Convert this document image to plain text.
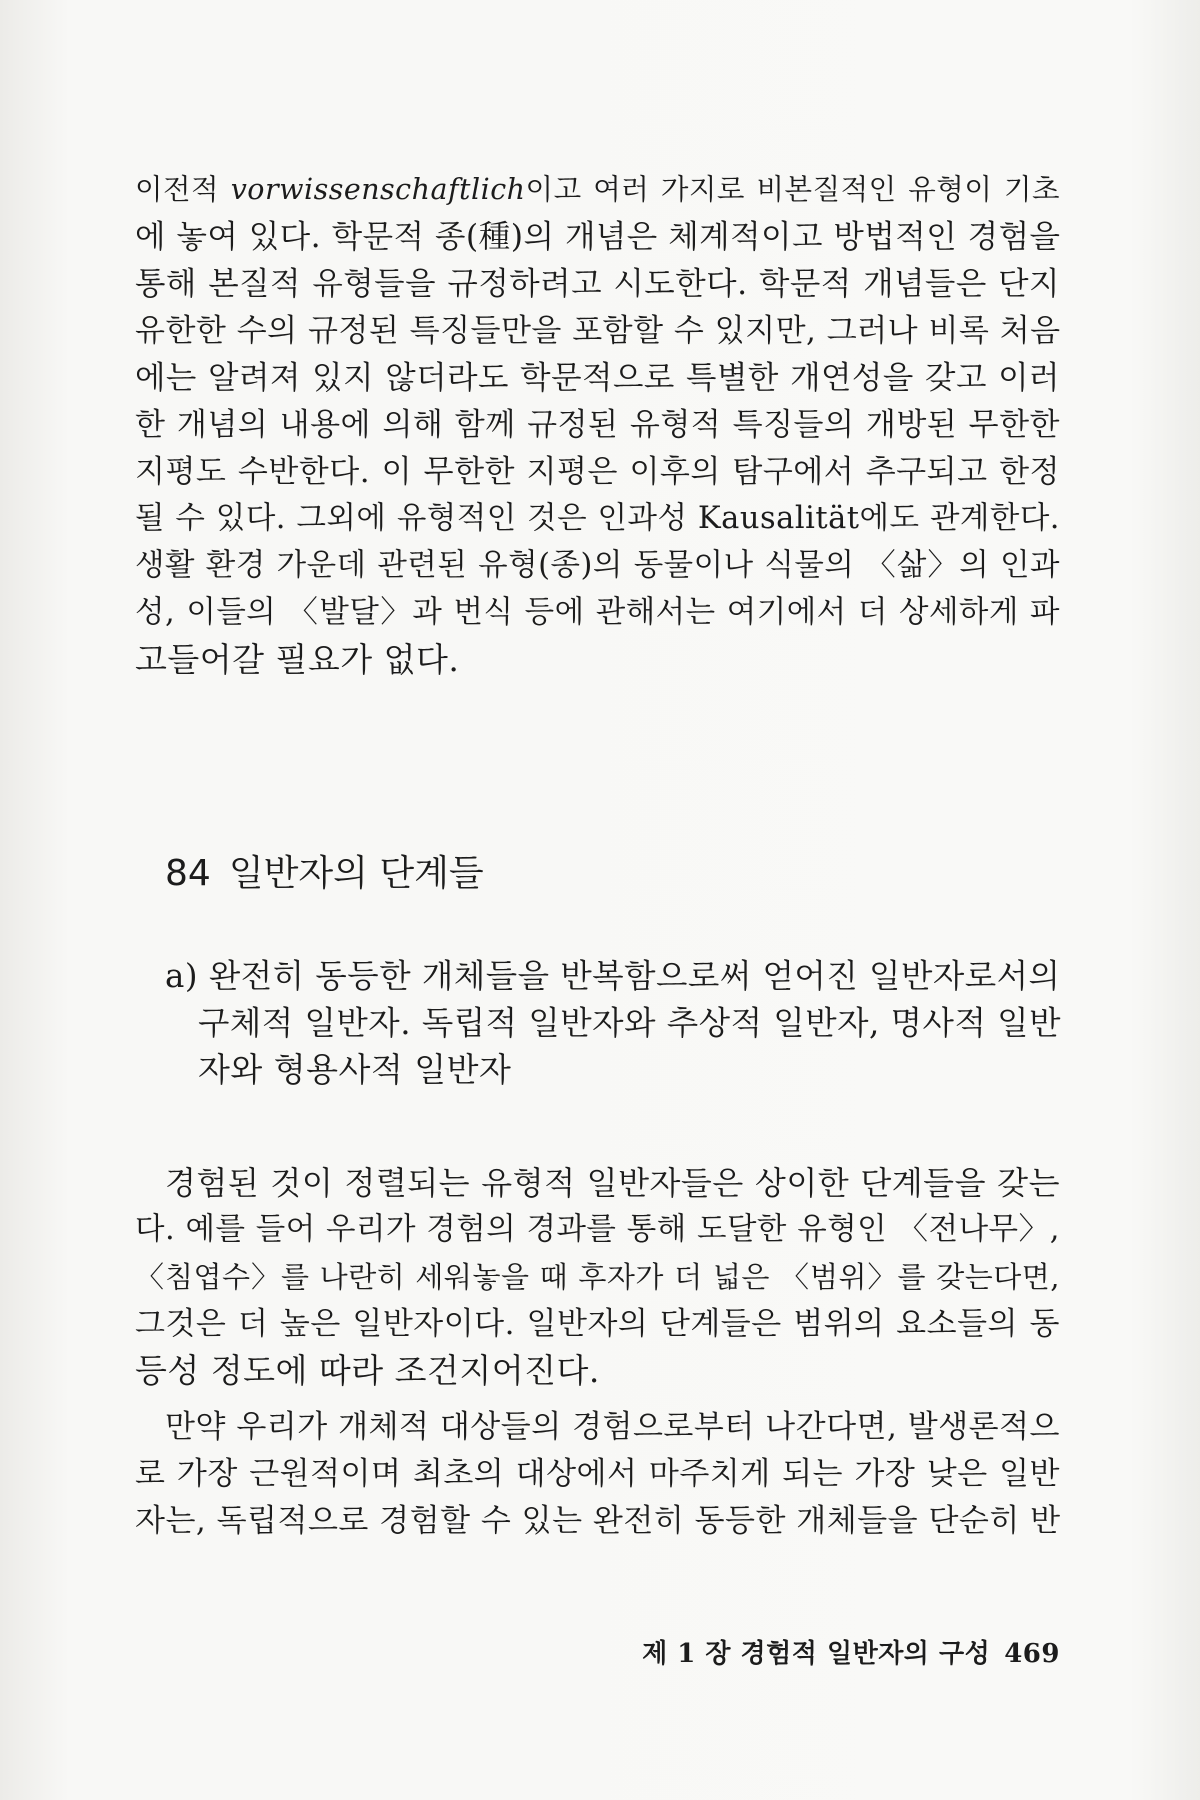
이전적 vorwissenschaftlich이고 여러 가지로 비본질적인 유형이 기초
에 놓여 있다. 학문적 종(種)의 개념은 체계적이고 방법적인 경험을
통해 본질적 유형들을 규정하려고 시도한다. 학문적 개념들은 단지
유한한 수의 규정된 특징들만을 포함할 수 있지만, 그러나 비록 처음
에는 알려져 있지 않더라도 학문적으로 특별한 개연성을 갖고 이러
한 개념의 내용에 의해 함께 규정된 유형적 특징들의 개방된 무한한
지평도 수반한다. 이 무한한 지평은 이후의 탐구에서 추구되고 한정
될 수 있다. 그외에 유형적인 것은 인과성 Kausalität에도 관계한다.
생활 환경 가운데 관련된 유형(종)의 동물이나 식물의 〈삶〉의 인과
성, 이들의 〈발달〉과 번식 등에 관해서는 여기에서 더 상세하게 파
고들어갈 필요가 없다.
84 일반자의 단계들
a) 완전히 동등한 개체들을 반복함으로써 얻어진 일반자로서의
구체적 일반자. 독립적 일반자와 추상적 일반자, 명사적 일반
자와 형용사적 일반자
경험된 것이 정렬되는 유형적 일반자들은 상이한 단계들을 갖는
다. 예를 들어 우리가 경험의 경과를 통해 도달한 유형인 〈전나무〉,
〈침엽수〉를 나란히 세워놓을 때 후자가 더 넓은 〈범위〉를 갖는다면,
그것은 더 높은 일반자이다. 일반자의 단계들은 범위의 요소들의 동
등성 정도에 따라 조건지어진다.
만약 우리가 개체적 대상들의 경험으로부터 나간다면, 발생론적으
로 가장 근원적이며 최초의 대상에서 마주치게 되는 가장 낮은 일반
자는, 독립적으로 경험할 수 있는 완전히 동등한 개체들을 단순히 반
제 1 장 경험적 일반자의 구성 469
